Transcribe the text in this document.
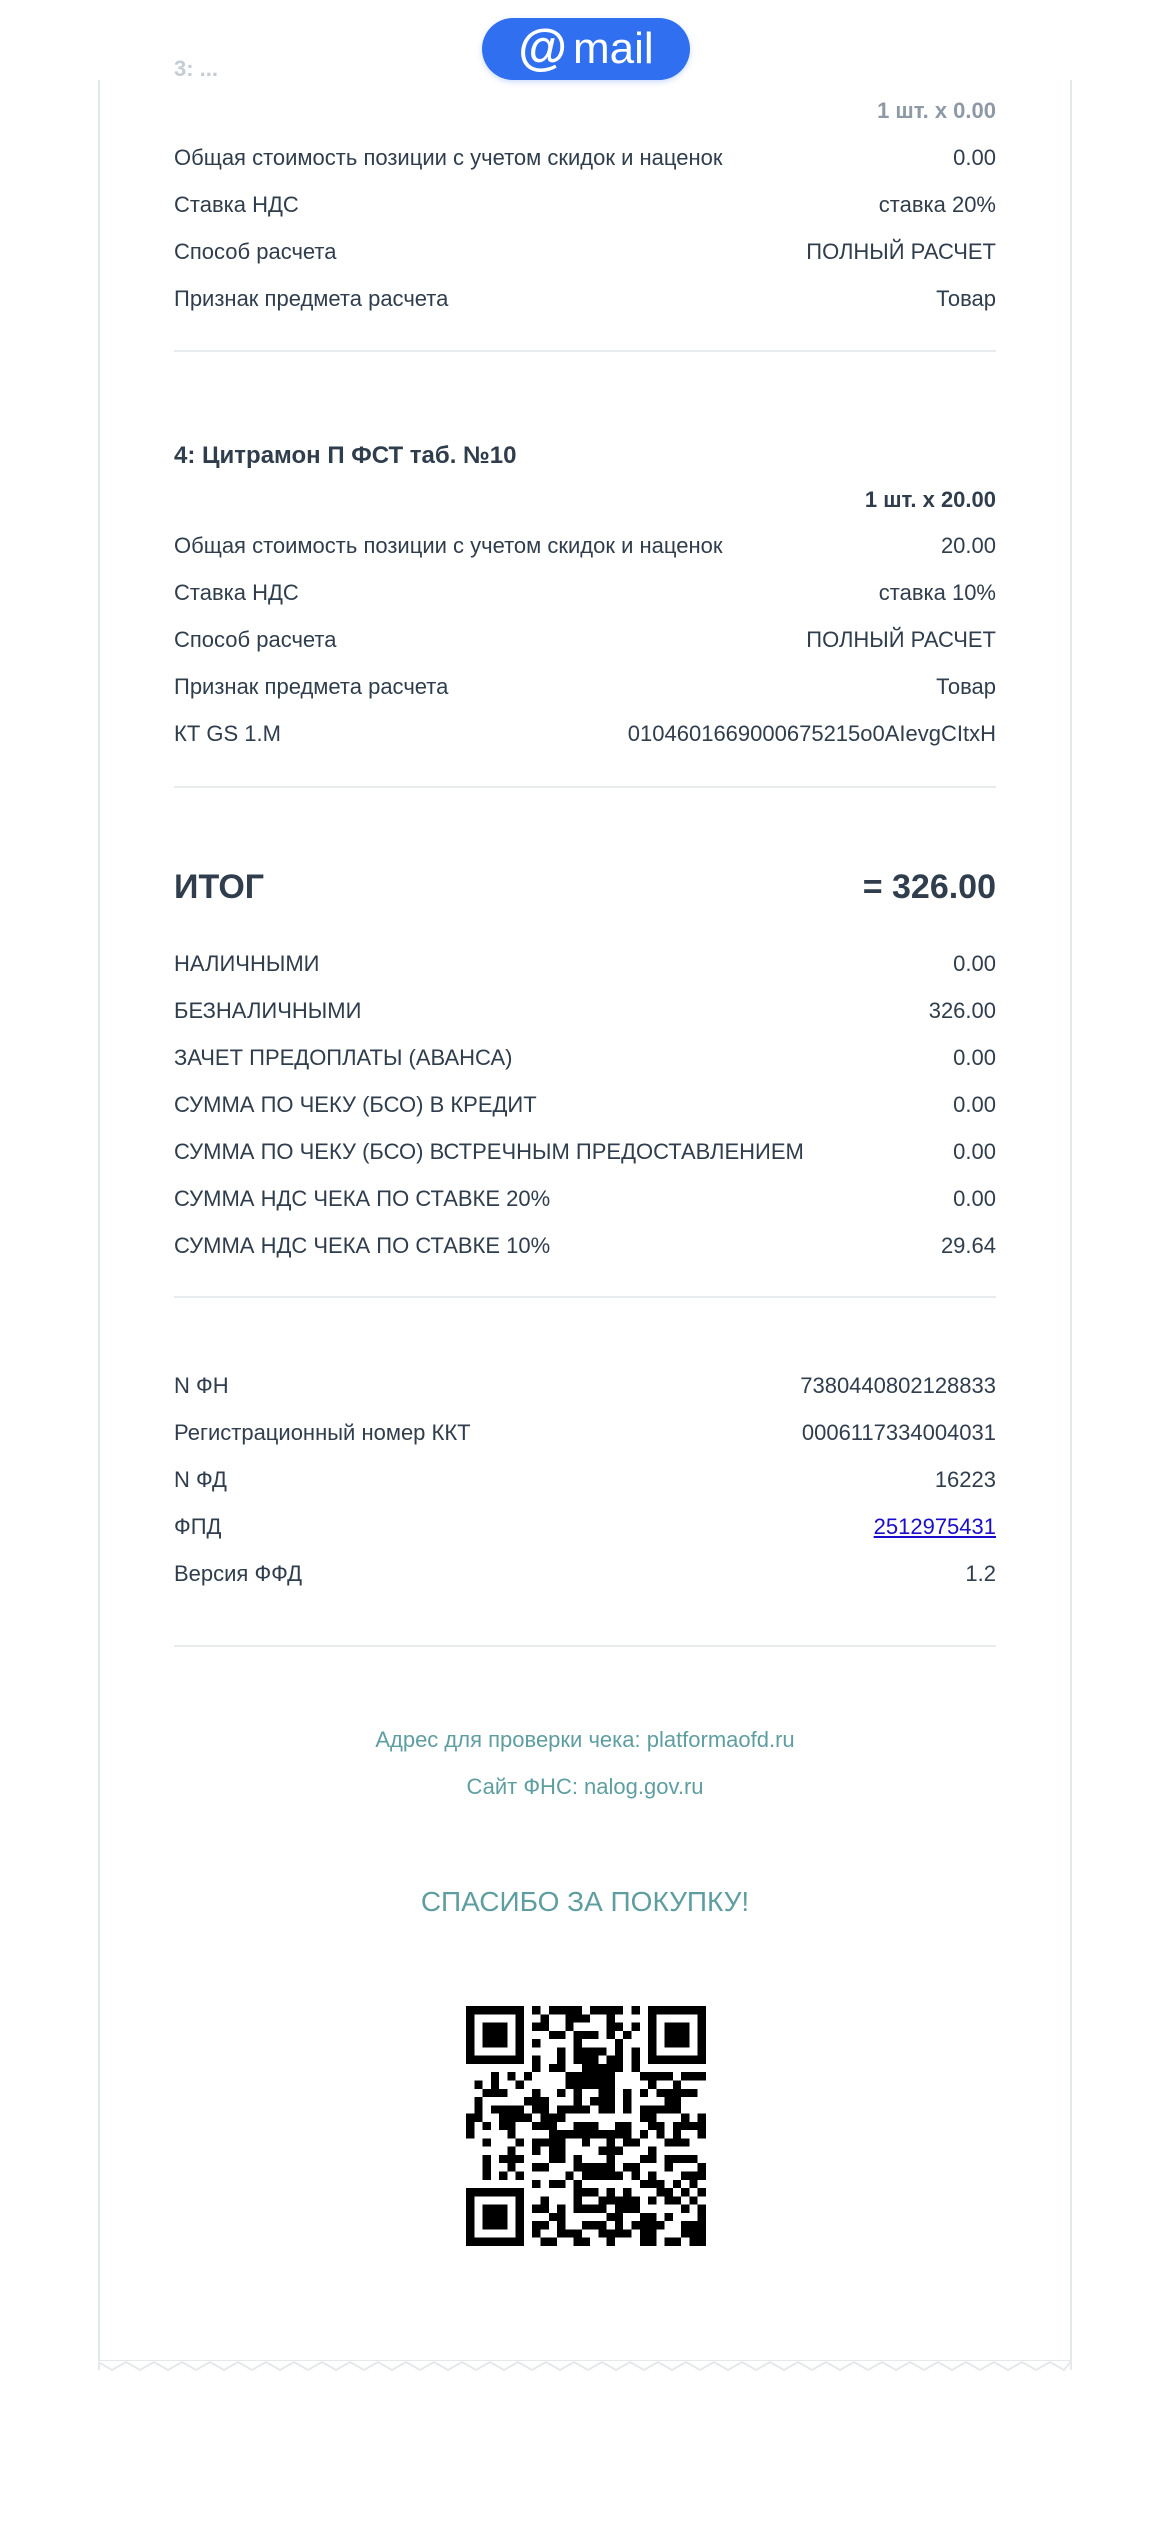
@ mail
3: ...
1 шт. x 0.00
Общая стоимость позиции с учетом скидок и наценок	0.00
Ставка НДС	ставка 20%
Способ расчета	ПОЛНЫЙ РАСЧЕТ
Признак предмета расчета	Товар
4: Цитрамон П ФСТ таб. №10
1 шт. x 20.00
Общая стоимость позиции с учетом скидок и наценок	20.00
Ставка НДС	ставка 10%
Способ расчета	ПОЛНЫЙ РАСЧЕТ
Признак предмета расчета	Товар
КТ GS 1.M	0104601669000675215o0AIevgCItxH
ИТОГ	= 326.00
НАЛИЧНЫМИ	0.00
БЕЗНАЛИЧНЫМИ	326.00
ЗАЧЕТ ПРЕДОПЛАТЫ (АВАНСА)	0.00
СУММА ПО ЧЕКУ (БСО) В КРЕДИТ	0.00
СУММА ПО ЧЕКУ (БСО) ВСТРЕЧНЫМ ПРЕДОСТАВЛЕНИЕМ	0.00
СУММА НДС ЧЕКА ПО СТАВКЕ 20%	0.00
СУММА НДС ЧЕКА ПО СТАВКЕ 10%	29.64
N ФН	7380440802128833
Регистрационный номер ККТ	0006117334004031
N ФД	16223
ФПД	2512975431
Версия ФФД	1.2
Адрес для проверки чека: platformaofd.ru
Сайт ФНС: nalog.gov.ru
СПАСИБО ЗА ПОКУПКУ!
